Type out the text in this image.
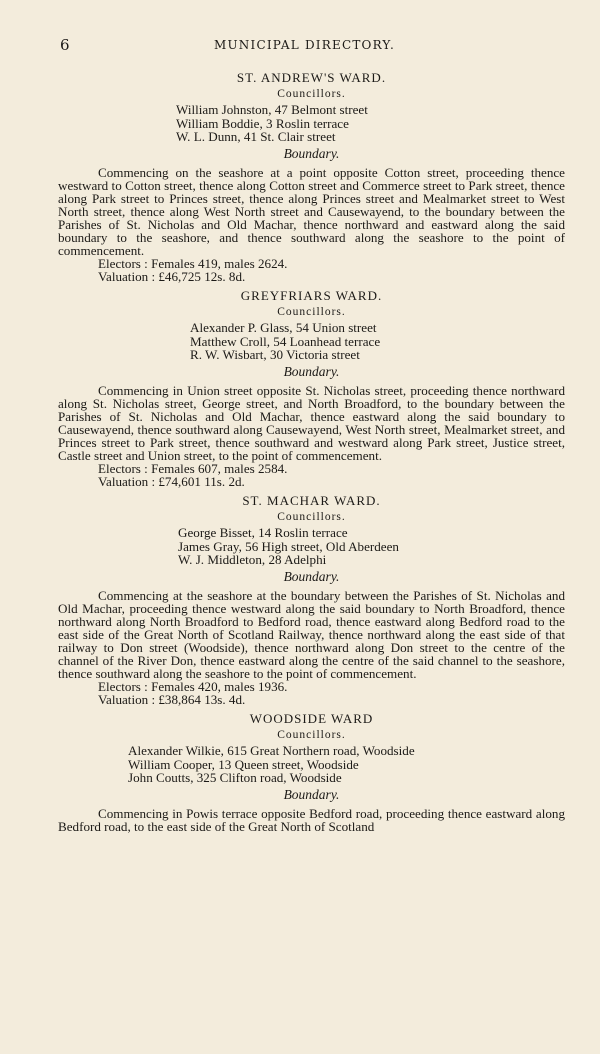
6	MUNICIPAL DIRECTORY.
ST. ANDREW'S WARD.
Councillors.
William Johnston, 47 Belmont street
William Boddie, 3 Roslin terrace
W. L. Dunn, 41 St. Clair street
Boundary.

Commencing on the seashore at a point opposite Cotton street, proceeding thence westward to Cotton street, thence along Cotton street and Commerce street to Park street, thence along Park street to Princes street, thence along Princes street and Mealmarket street to West North street, thence along West North street and Causewayend, to the boundary between the Parishes of St. Nicholas and Old Machar, thence northward and eastward along the said boundary to the seashore, and thence southward along the seashore to the point of commencement.

Electors : Females 419, males 2624.

Valuation : £46,725 12s. 8d.

GREYFRIARS WARD.
Councillors.
Alexander P. Glass, 54 Union street
Matthew Croll, 54 Loanhead terrace
R. W. Wisbart, 30 Victoria street
Boundary.

Commencing in Union street opposite St. Nicholas street, proceeding thence northward along St. Nicholas street, George street, and North Broadford, to the boundary between the Parishes of St. Nicholas and Old Machar, thence eastward along the said boundary to Causewayend, thence southward along Causewayend, West North street, Mealmarket street, and Princes street to Park street, thence southward and westward along Park street, Justice street, Castle street and Union street, to the point of commencement.

Electors : Females 607, males 2584.

Valuation : £74,601 11s. 2d.

ST. MACHAR WARD.
Councillors.
George Bisset, 14 Roslin terrace
James Gray, 56 High street, Old Aberdeen
W. J. Middleton, 28 Adelphi
Boundary.

Commencing at the seashore at the boundary between the Parishes of St. Nicholas and Old Machar, proceeding thence westward along the said boundary to North Broadford, thence northward along North Broadford to Bedford road, thence eastward along Bedford road to the east side of the Great North of Scotland Railway, thence northward along the east side of that railway to Don street (Woodside), thence northward along Don street to the centre of the channel of the River Don, thence eastward along the centre of the said channel to the seashore, thence southward along the seashore to the point of commencement.

Electors : Females 420, males 1936.

Valuation : £38,864 13s. 4d.

WOODSIDE WARD
Councillors.
Alexander Wilkie, 615 Great Northern road, Woodside
William Cooper, 13 Queen street, Woodside
John Coutts, 325 Clifton road, Woodside
Boundary.

Commencing in Powis terrace opposite Bedford road, proceeding thence eastward along Bedford road, to the east side of the Great North of Scotland
